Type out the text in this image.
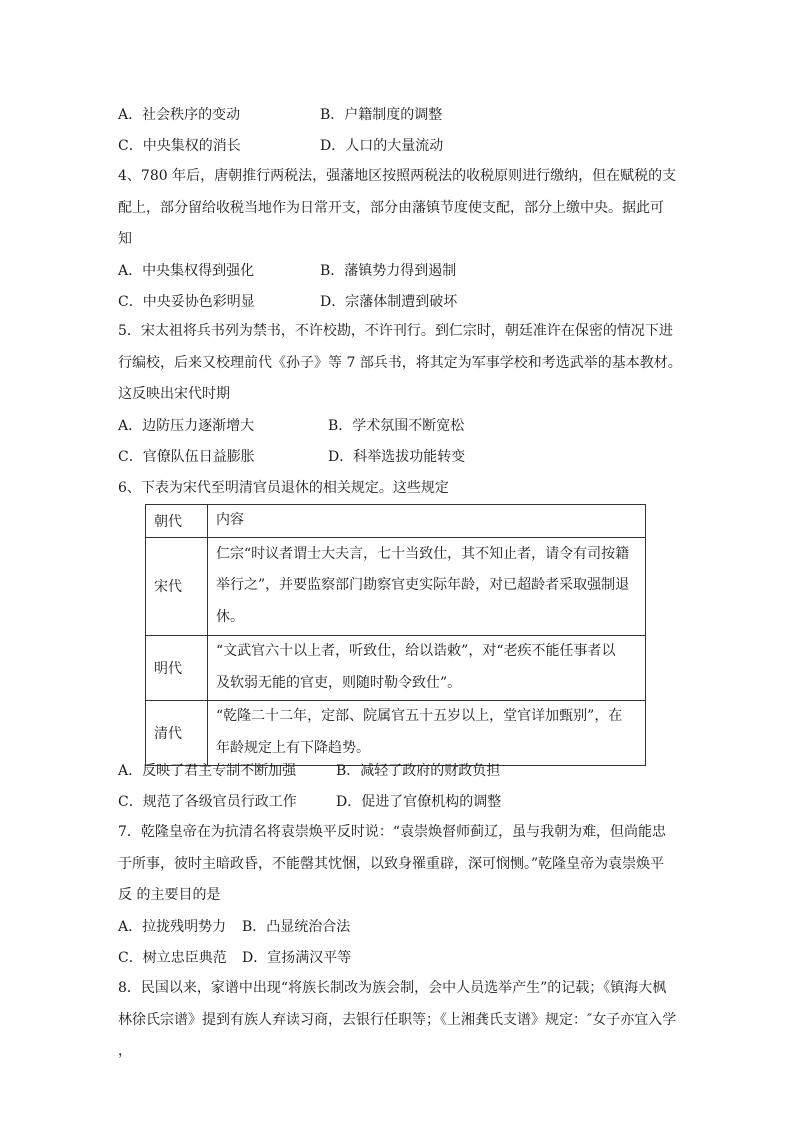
A．社会秩序的变动	B．户籍制度的调整
C．中央集权的消长	D．人口的大量流动
4、780 年后，唐朝推行两税法，强藩地区按照两税法的收税原则进行缴纳，但在赋税的支
配上，部分留给收税当地作为日常开支，部分由藩镇节度使支配，部分上缴中央。据此可
知
A．中央集权得到强化	B．藩镇势力得到遏制
C．中央妥协色彩明显	D．宗藩体制遭到破坏
5．宋太祖将兵书列为禁书，不许校勘，不许刊行。到仁宗时，朝廷准许在保密的情况下进
行编校，后来又校理前代《孙子》等 7 部兵书，将其定为军事学校和考选武举的基本教材。
这反映出宋代时期
A．边防压力逐渐增大	B．学术氛围不断宽松
C．官僚队伍日益膨胀	D．科举选拔功能转变
6、下表为宋代至明清官员退休的相关规定。这些规定
朝代	内容
宋代	仁宗“时议者谓士大夫言，七十当致仕，其不知止者，请令有司按籍
举行之”，并要监察部门勘察官吏实际年龄，对已超龄者采取强制退
休。

明代	“文武官六十以上者，听致仕，给以诰敕”，对“老疾不能任事者以
及软弱无能的官吏，则随时勒令致仕”。

清代	“乾隆二十二年，定部、院属官五十五岁以上，堂官详加甄别”，在
年龄规定上有下降趋势。
A．反映了君主专制不断加强	B．减轻了政府的财政负担
C．规范了各级官员行政工作	D．促进了官僚机构的调整
7．乾隆皇帝在为抗清名将袁崇焕平反时说：“袁崇焕督师蓟辽，虽与我朝为难，但尚能忠
于所事，彼时主暗政昏，不能罄其忱悃，以致身罹重辟，深可悯恻。”乾隆皇帝为袁崇焕平
反 的主要目的是
A．拉拢残明势力 B．凸显统治合法
C．树立忠臣典范 D．宣扬满汉平等
8．民国以来，家谱中出现“将族长制改为族会制，会中人员选举产生”的记载；《镇海大枫
林徐氏宗谱》提到有族人弃读习商，去银行任职等；《上湘龚氏支谱》规定：″女子亦宜入学
，
